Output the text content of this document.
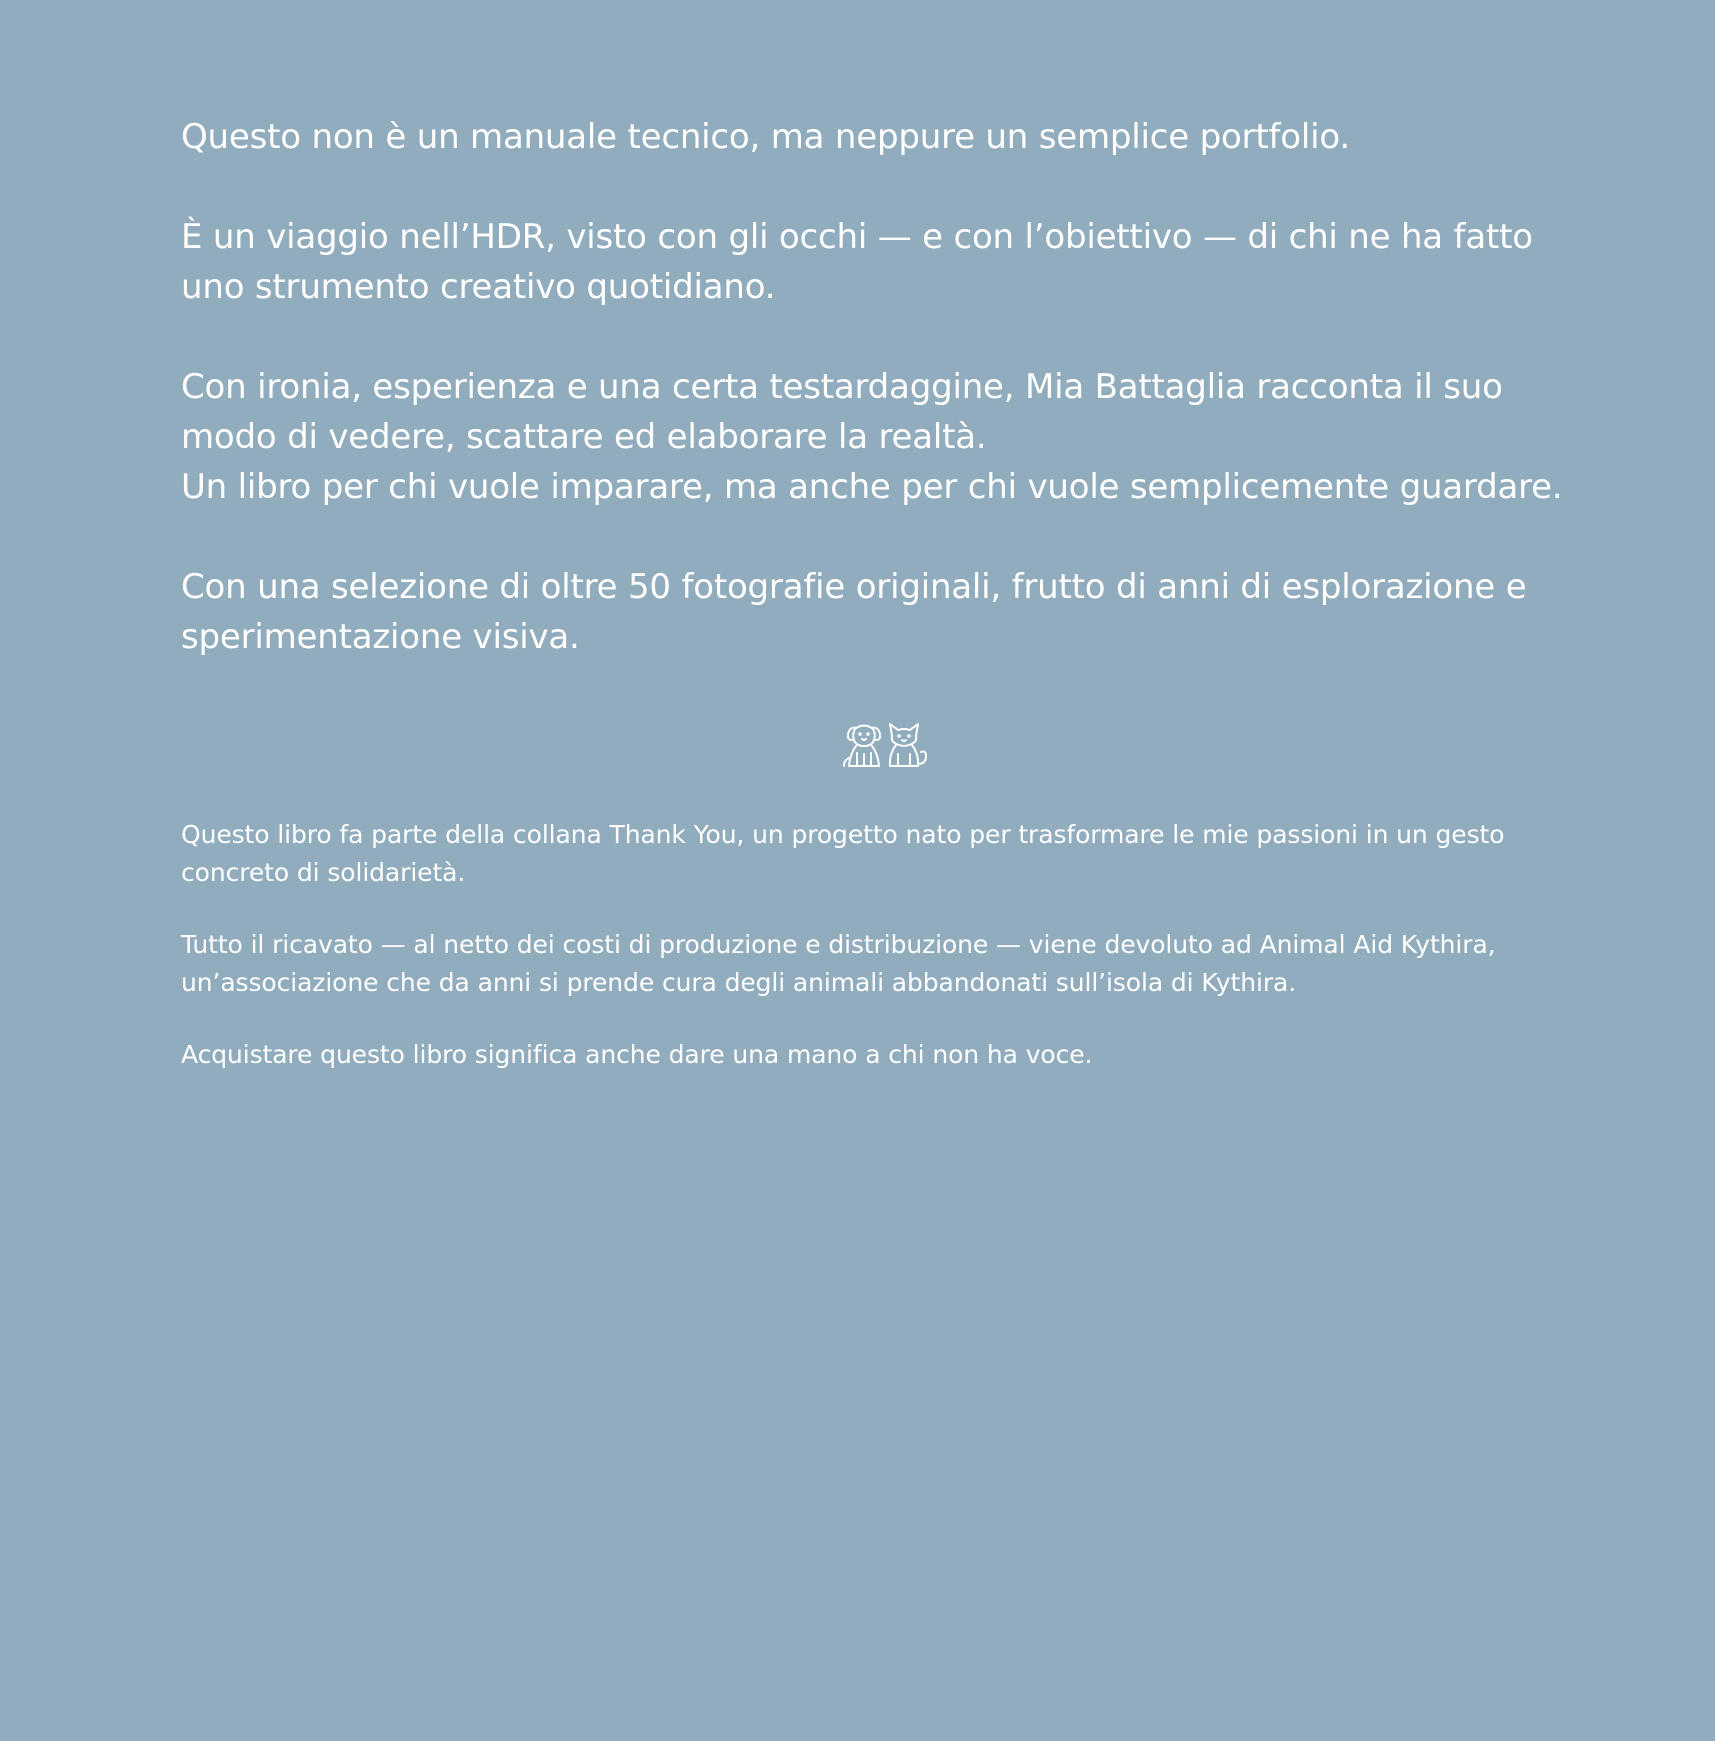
Questo non è un manuale tecnico, ma neppure un semplice portfolio.

È un viaggio nell’HDR, visto con gli occhi — e con l’obiettivo — di chi ne ha fatto uno strumento creativo quotidiano.

Con ironia, esperienza e una certa testardaggine, Mia Battaglia racconta il suo modo di vedere, scattare ed elaborare la realtà.

Un libro per chi vuole imparare, ma anche per chi vuole semplicemente guardare.

Con una selezione di oltre 50 fotografie originali, frutto di anni di esplorazione e sperimentazione visiva.

Questo libro fa parte della collana Thank You, un progetto nato per trasformare le mie passioni in un gesto concreto di solidarietà.

Tutto il ricavato — al netto dei costi di produzione e distribuzione — viene devoluto ad Animal Aid Kythira, un’associazione che da anni si prende cura degli animali abbandonati sull’isola di Kythira.

Acquistare questo libro significa anche dare una mano a chi non ha voce.
